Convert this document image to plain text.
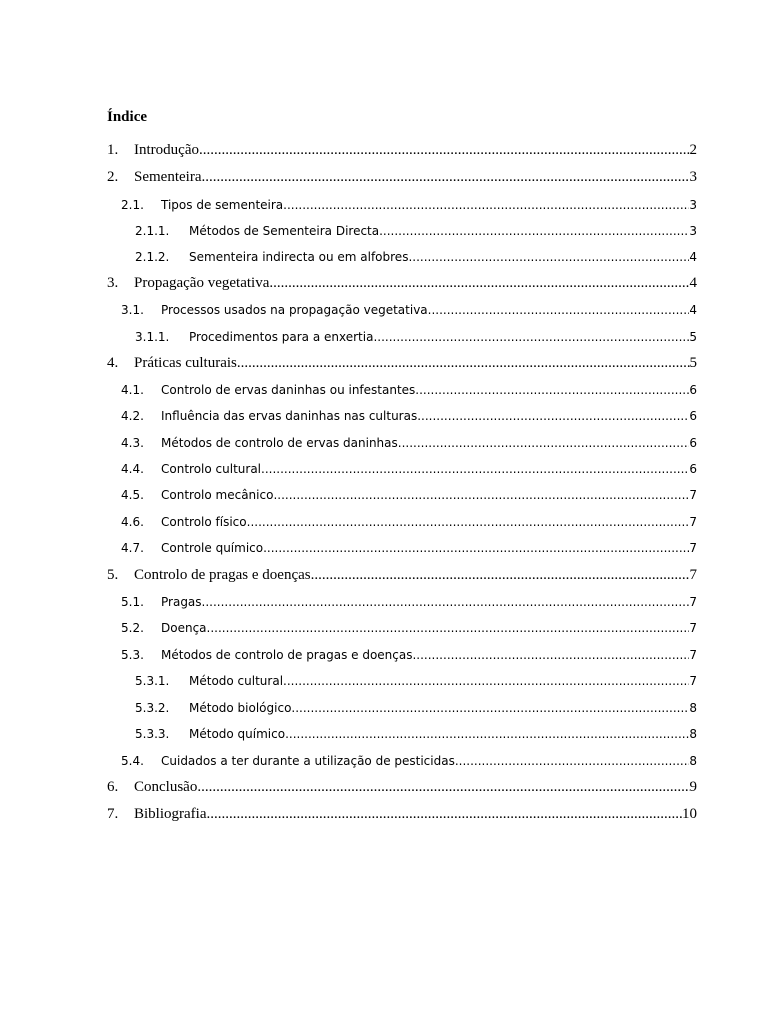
Índice
1.	Introdução .....	2
2.	Sementeira .....	3
2.1.	Tipos de sementeira .....	3
2.1.1.	Métodos de Sementeira Directa .....	3
2.1.2.	Sementeira indirecta ou em alfobres .....	4
3.	Propagação vegetativa .....	4
3.1.	Processos usados na propagação vegetativa .....	4
3.1.1.	Procedimentos para a enxertia .....	5
4.	Práticas culturais .....	5
4.1.	Controlo de ervas daninhas ou infestantes .....	6
4.2.	Influência das ervas daninhas nas culturas .....	6
4.3.	Métodos de controlo de ervas daninhas .....	6
4.4.	Controlo cultural .....	6
4.5.	Controlo mecânico .....	7
4.6.	Controlo físico .....	7
4.7.	Controle químico .....	7
5.	Controlo de pragas e doenças .....	7
5.1.	Pragas .....	7
5.2.	Doença .....	7
5.3.	Métodos de controlo de pragas e doenças .....	7
5.3.1.	Método cultural .....	7
5.3.2.	Método biológico .....	8
5.3.3.	Método químico .....	8
5.4.	Cuidados a ter durante a utilização de pesticidas .....	8
6.	Conclusão .....	9
7.	Bibliografia .....	10
